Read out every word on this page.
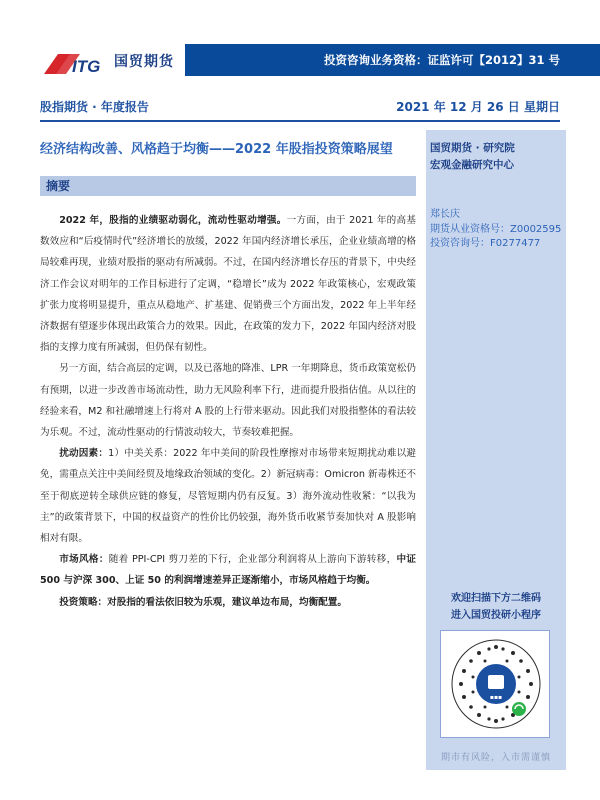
ITG 国贸期货	投资咨询业务资格：证监许可【2012】31 号
股指期货 · 年度报告	2021 年 12 月 26 日 星期日
经济结构改善、风格趋于均衡——2022 年股指投资策略展望
摘要

2022 年，股指的业绩驱动弱化，流动性驱动增强。一方面，由于 2021 年的高基数效应和“后疫情时代”经济增长的放缓，2022 年国内经济增长承压，企业业绩高增的格局较难再现，业绩对股指的驱动有所减弱。不过，在国内经济增长存压的背景下，中央经济工作会议对明年的工作目标进行了定调，“稳增长”成为 2022 年政策核心，宏观政策扩张力度将明显提升，重点从稳地产、扩基建、促销费三个方面出发，2022 年上半年经济数据有望逐步体现出政策合力的效果。因此，在政策的发力下，2022 年国内经济对股指的支撑力度有所减弱，但仍保有韧性。

另一方面，结合高层的定调，以及已落地的降准、LPR 一年期降息，货币政策宽松仍有预期，以进一步改善市场流动性，助力无风险利率下行，进而提升股指估值。从以往的经验来看，M2 和社融增速上行将对 A 股的上行带来驱动。因此我们对股指整体的看法较为乐观。不过，流动性驱动的行情波动较大，节奏较难把握。

扰动因素：1）中美关系：2022 年中美间的阶段性摩擦对市场带来短期扰动难以避免，需重点关注中美间经贸及地缘政治领域的变化。2）新冠病毒：Omicron 新毒株还不至于彻底逆转全球供应链的修复，尽管短期内仍有反复。3）海外流动性收紧：“以我为主”的政策背景下，中国的权益资产的性价比仍较强，海外货币收紧节奏加快对 A 股影响相对有限。

市场风格：随着 PPI-CPI 剪刀差的下行，企业部分利润将从上游向下游转移，中证 500 与沪深 300、上证 50 的利润增速差异正逐渐缩小，市场风格趋于均衡。

投资策略：对股指的看法依旧较为乐观，建议单边布局，均衡配置。

国贸期货 · 研究院
宏观金融研究中心
郑长庆
期货从业资格号：Z0002595
投资咨询号：F0277477
欢迎扫描下方二维码
进入国贸投研小程序
▪▪▪
期市有风险，入市需谨慎
